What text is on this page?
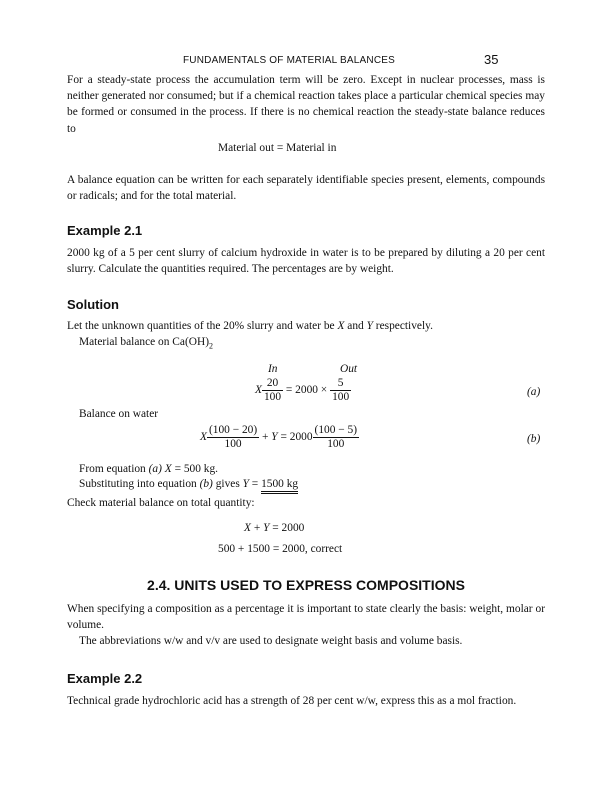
FUNDAMENTALS OF MATERIAL BALANCES	35

For a steady-state process the accumulation term will be zero. Except in nuclear processes, mass is neither generated nor consumed; but if a chemical reaction takes place a particular chemical species may be formed or consumed in the process. If there is no chemical reaction the steady-state balance reduces to

Material out = Material in

A balance equation can be written for each separately identifiable species present, elements, compounds or radicals; and for the total material.

Example 2.1

2000 kg of a 5 per cent slurry of calcium hydroxide in water is to be prepared by diluting a 20 per cent slurry. Calculate the quantities required. The percentages are by weight.

Solution
Let the unknown quantities of the 20% slurry and water be X and Y respectively.
Material balance on $Ca(OH)_2$
In	Out
X $\frac{20}{100} = 2000 \times \frac{5}{100}$	(a)
Balance on water
X $\frac{(100 - 20)}{100} + Y = 2000 \frac{(100 - 5)}{100}$	(b)
From equation (a) X = 500 kg.
Substituting into equation (b) gives Y = 1500 kg
Check material balance on total quantity:
X + Y = 2000
500 + 1500 = 2000, correct
2.4. UNITS USED TO EXPRESS COMPOSITIONS

When specifying a composition as a percentage it is important to state clearly the basis: weight, molar or volume.

The abbreviations w/w and v/v are used to designate weight basis and volume basis.

Example 2.2

Technical grade hydrochloric acid has a strength of 28 per cent w/w, express this as a mol fraction.
